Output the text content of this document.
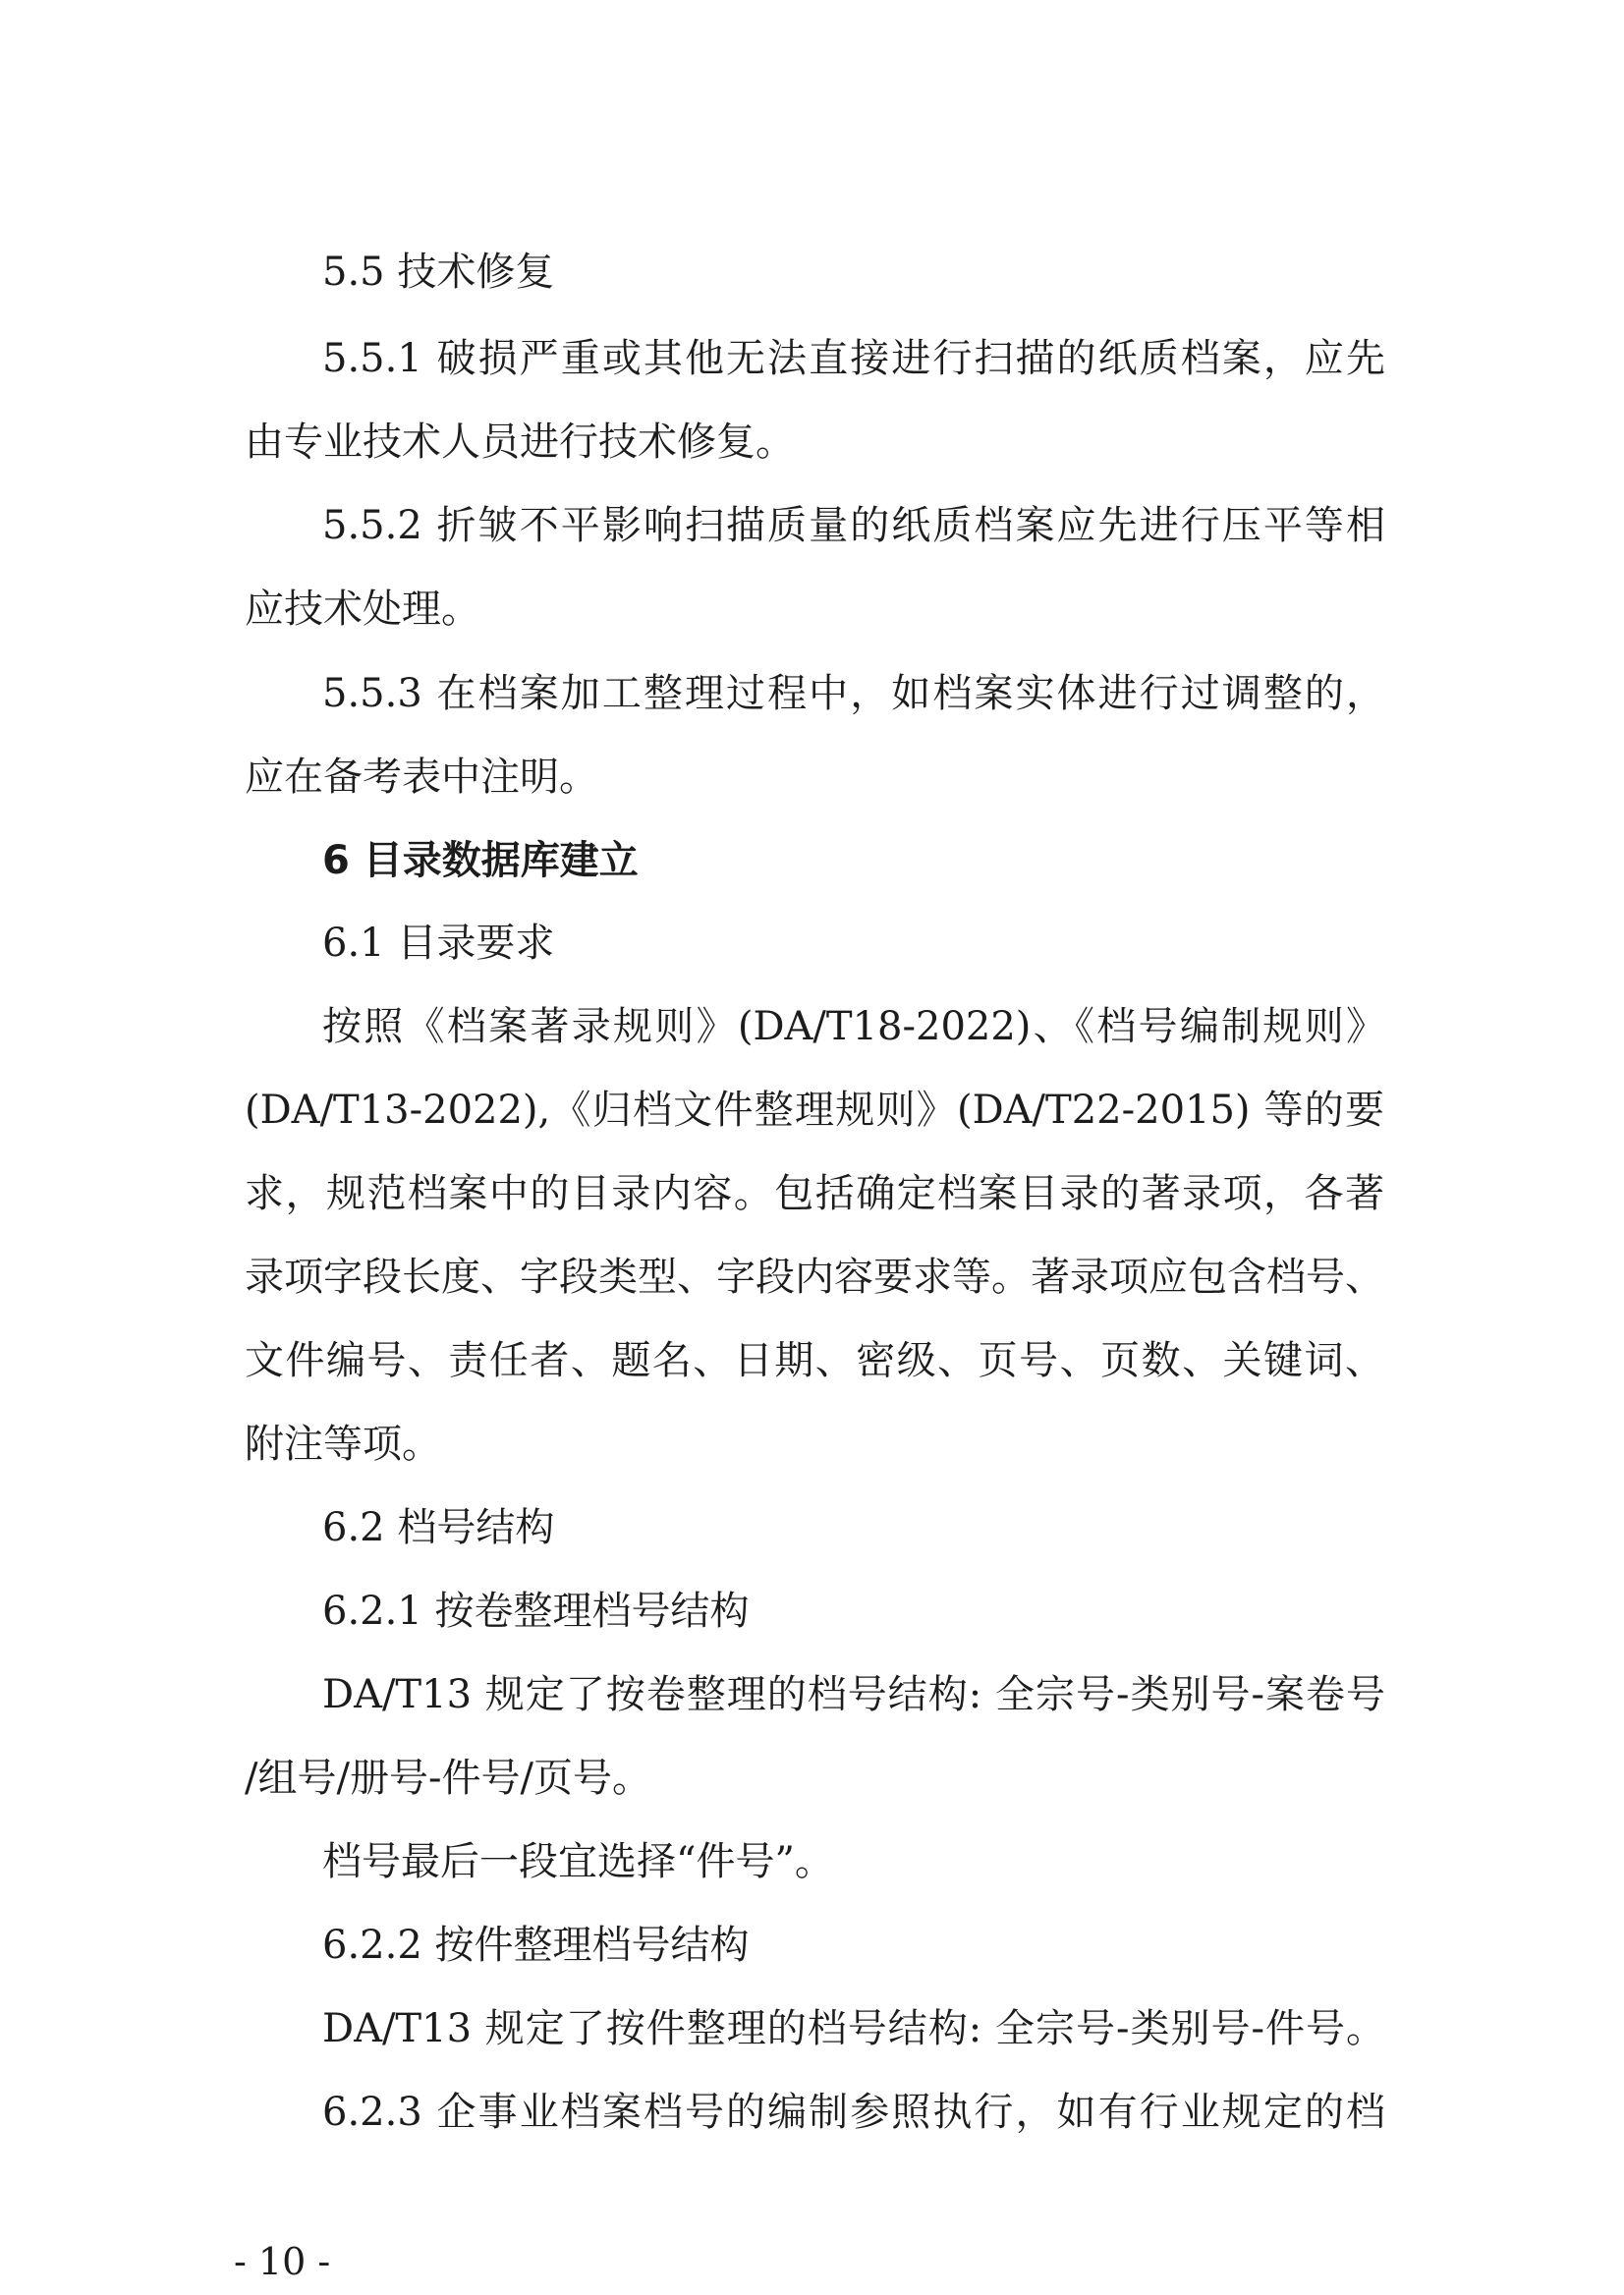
5.5 技术修复
5.5.1 破损严重或其他无法直接进行扫描的纸质档案，应先
由专业技术人员进行技术修复。
5.5.2 折皱不平影响扫描质量的纸质档案应先进行压平等相
应技术处理。
5.5.3 在档案加工整理过程中，如档案实体进行过调整的，
应在备考表中注明。
6 目录数据库建立
6.1 目录要求
按照《档案著录规则》(DA/T18-2022)、《档号编制规则》
(DA/T13-2022),《归档文件整理规则》(DA/T22-2015) 等的要
求，规范档案中的目录内容。包括确定档案目录的著录项，各著
录项字段长度、字段类型、字段内容要求等。著录项应包含档号、
文件编号、责任者、题名、日期、密级、页号、页数、关键词、
附注等项。
6.2 档号结构
6.2.1 按卷整理档号结构
DA/T13 规定了按卷整理的档号结构: 全宗号-类别号-案卷号
/组号/册号-件号/页号。
档号最后一段宜选择“件号”。
6.2.2 按件整理档号结构
DA/T13 规定了按件整理的档号结构: 全宗号-类别号-件号。
6.2.3 企事业档案档号的编制参照执行，如有行业规定的档
- 10 -
